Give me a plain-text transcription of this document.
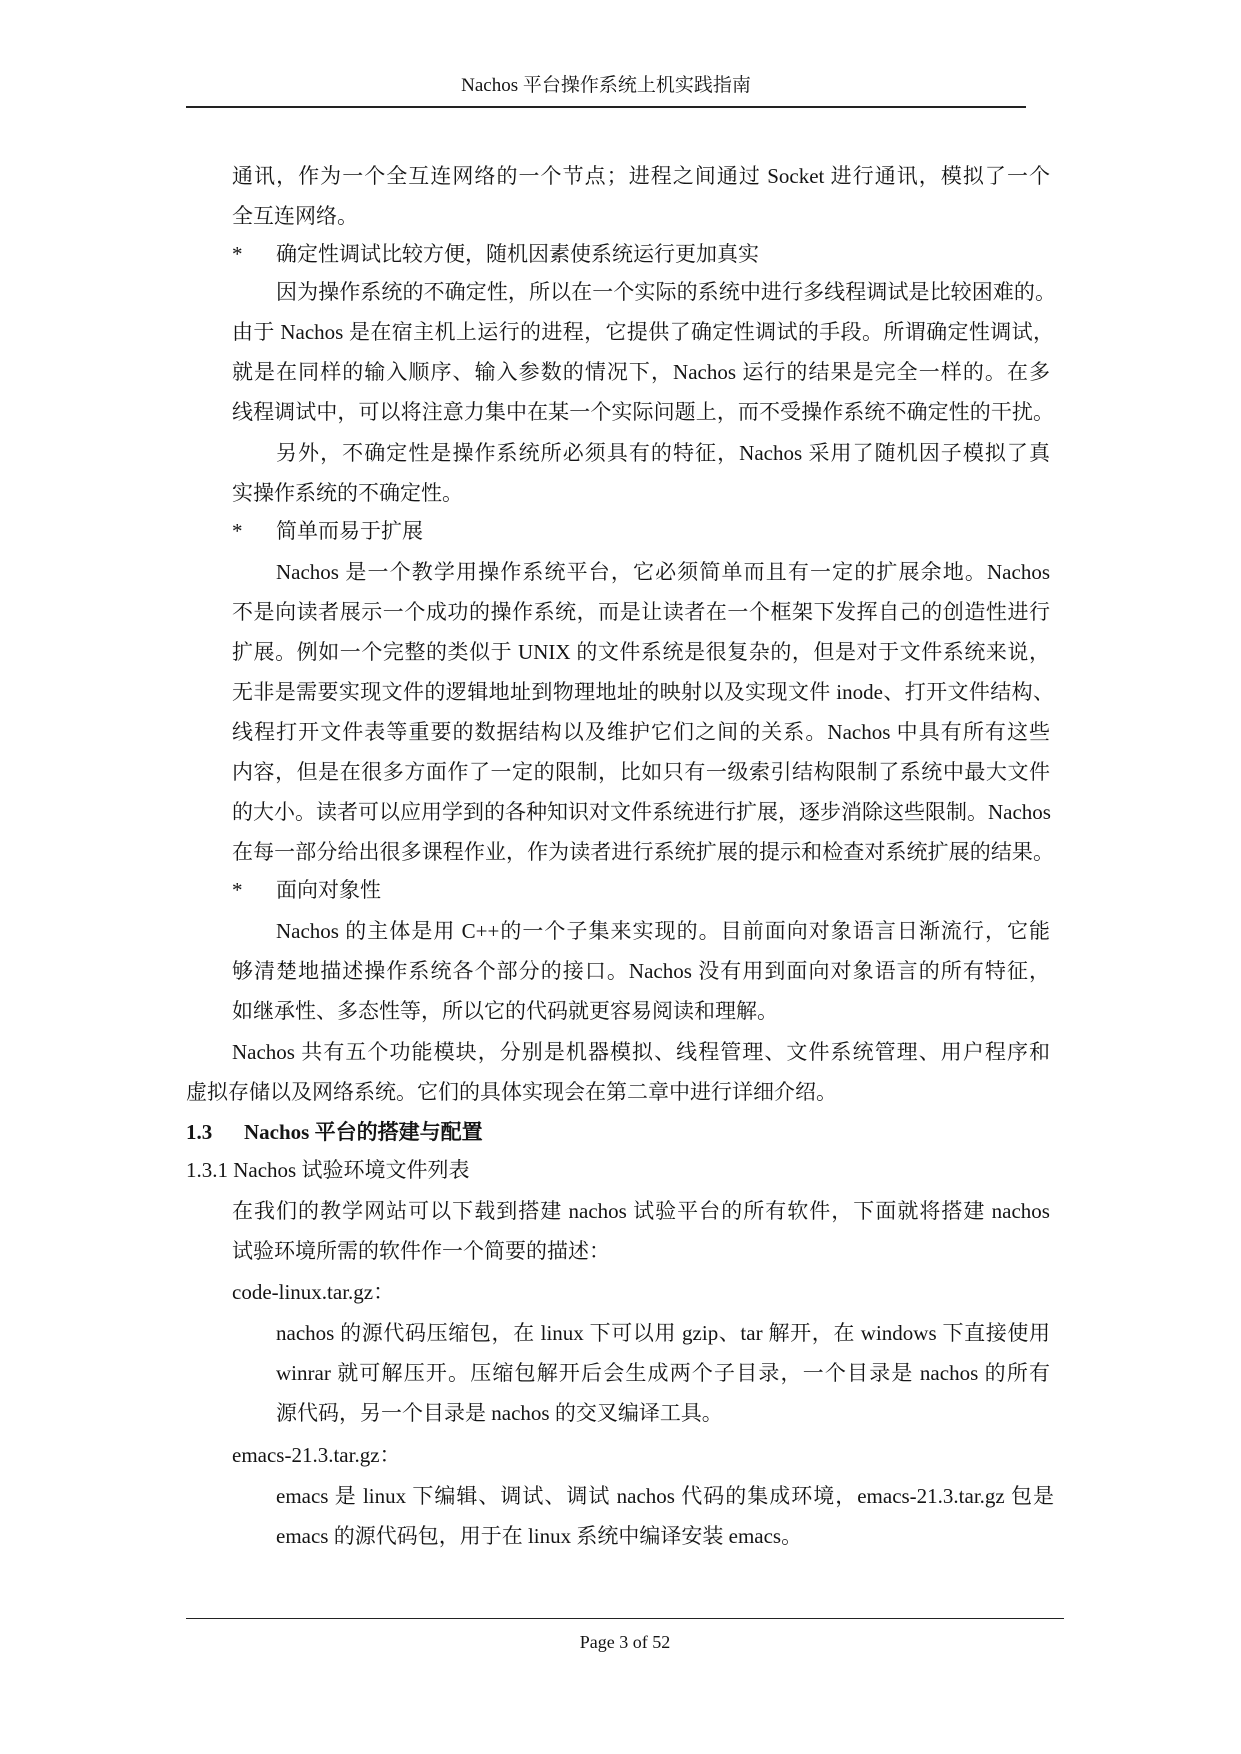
Nachos 平台操作系统上机实践指南
通讯，作为一个全互连网络的一个节点；进程之间通过 Socket 进行通讯，模拟了一个
全互连网络。
* 确定性调试比较方便，随机因素使系统运行更加真实
因为操作系统的不确定性，所以在一个实际的系统中进行多线程调试是比较困难的。
由于 Nachos 是在宿主机上运行的进程，它提供了确定性调试的手段。所谓确定性调试，
就是在同样的输入顺序、输入参数的情况下，Nachos 运行的结果是完全一样的。在多
线程调试中，可以将注意力集中在某一个实际问题上，而不受操作系统不确定性的干扰。
另外，不确定性是操作系统所必须具有的特征，Nachos 采用了随机因子模拟了真
实操作系统的不确定性。
* 简单而易于扩展
Nachos 是一个教学用操作系统平台，它必须简单而且有一定的扩展余地。Nachos
不是向读者展示一个成功的操作系统，而是让读者在一个框架下发挥自己的创造性进行
扩展。例如一个完整的类似于 UNIX 的文件系统是很复杂的，但是对于文件系统来说，
无非是需要实现文件的逻辑地址到物理地址的映射以及实现文件 inode、打开文件结构、
线程打开文件表等重要的数据结构以及维护它们之间的关系。Nachos 中具有所有这些
内容，但是在很多方面作了一定的限制，比如只有一级索引结构限制了系统中最大文件
的大小。读者可以应用学到的各种知识对文件系统进行扩展，逐步消除这些限制。Nachos
在每一部分给出很多课程作业，作为读者进行系统扩展的提示和检查对系统扩展的结果。
* 面向对象性
Nachos 的主体是用 C++的一个子集来实现的。目前面向对象语言日渐流行，它能
够清楚地描述操作系统各个部分的接口。Nachos 没有用到面向对象语言的所有特征，
如继承性、多态性等，所以它的代码就更容易阅读和理解。
Nachos 共有五个功能模块，分别是机器模拟、线程管理、文件系统管理、用户程序和
虚拟存储以及网络系统。它们的具体实现会在第二章中进行详细介绍。
1.3 Nachos 平台的搭建与配置
1.3.1 Nachos 试验环境文件列表
在我们的教学网站可以下载到搭建 nachos 试验平台的所有软件，下面就将搭建 nachos
试验环境所需的软件作一个简要的描述：
code-linux.tar.gz：
nachos 的源代码压缩包，在 linux 下可以用 gzip、tar 解开，在 windows 下直接使用
winrar 就可解压开。压缩包解开后会生成两个子目录，一个目录是 nachos 的所有
源代码，另一个目录是 nachos 的交叉编译工具。
emacs-21.3.tar.gz：
emacs 是 linux 下编辑、调试、调试 nachos 代码的集成环境，emacs-21.3.tar.gz 包是
emacs 的源代码包，用于在 linux 系统中编译安装 emacs。
Page 3 of 52
